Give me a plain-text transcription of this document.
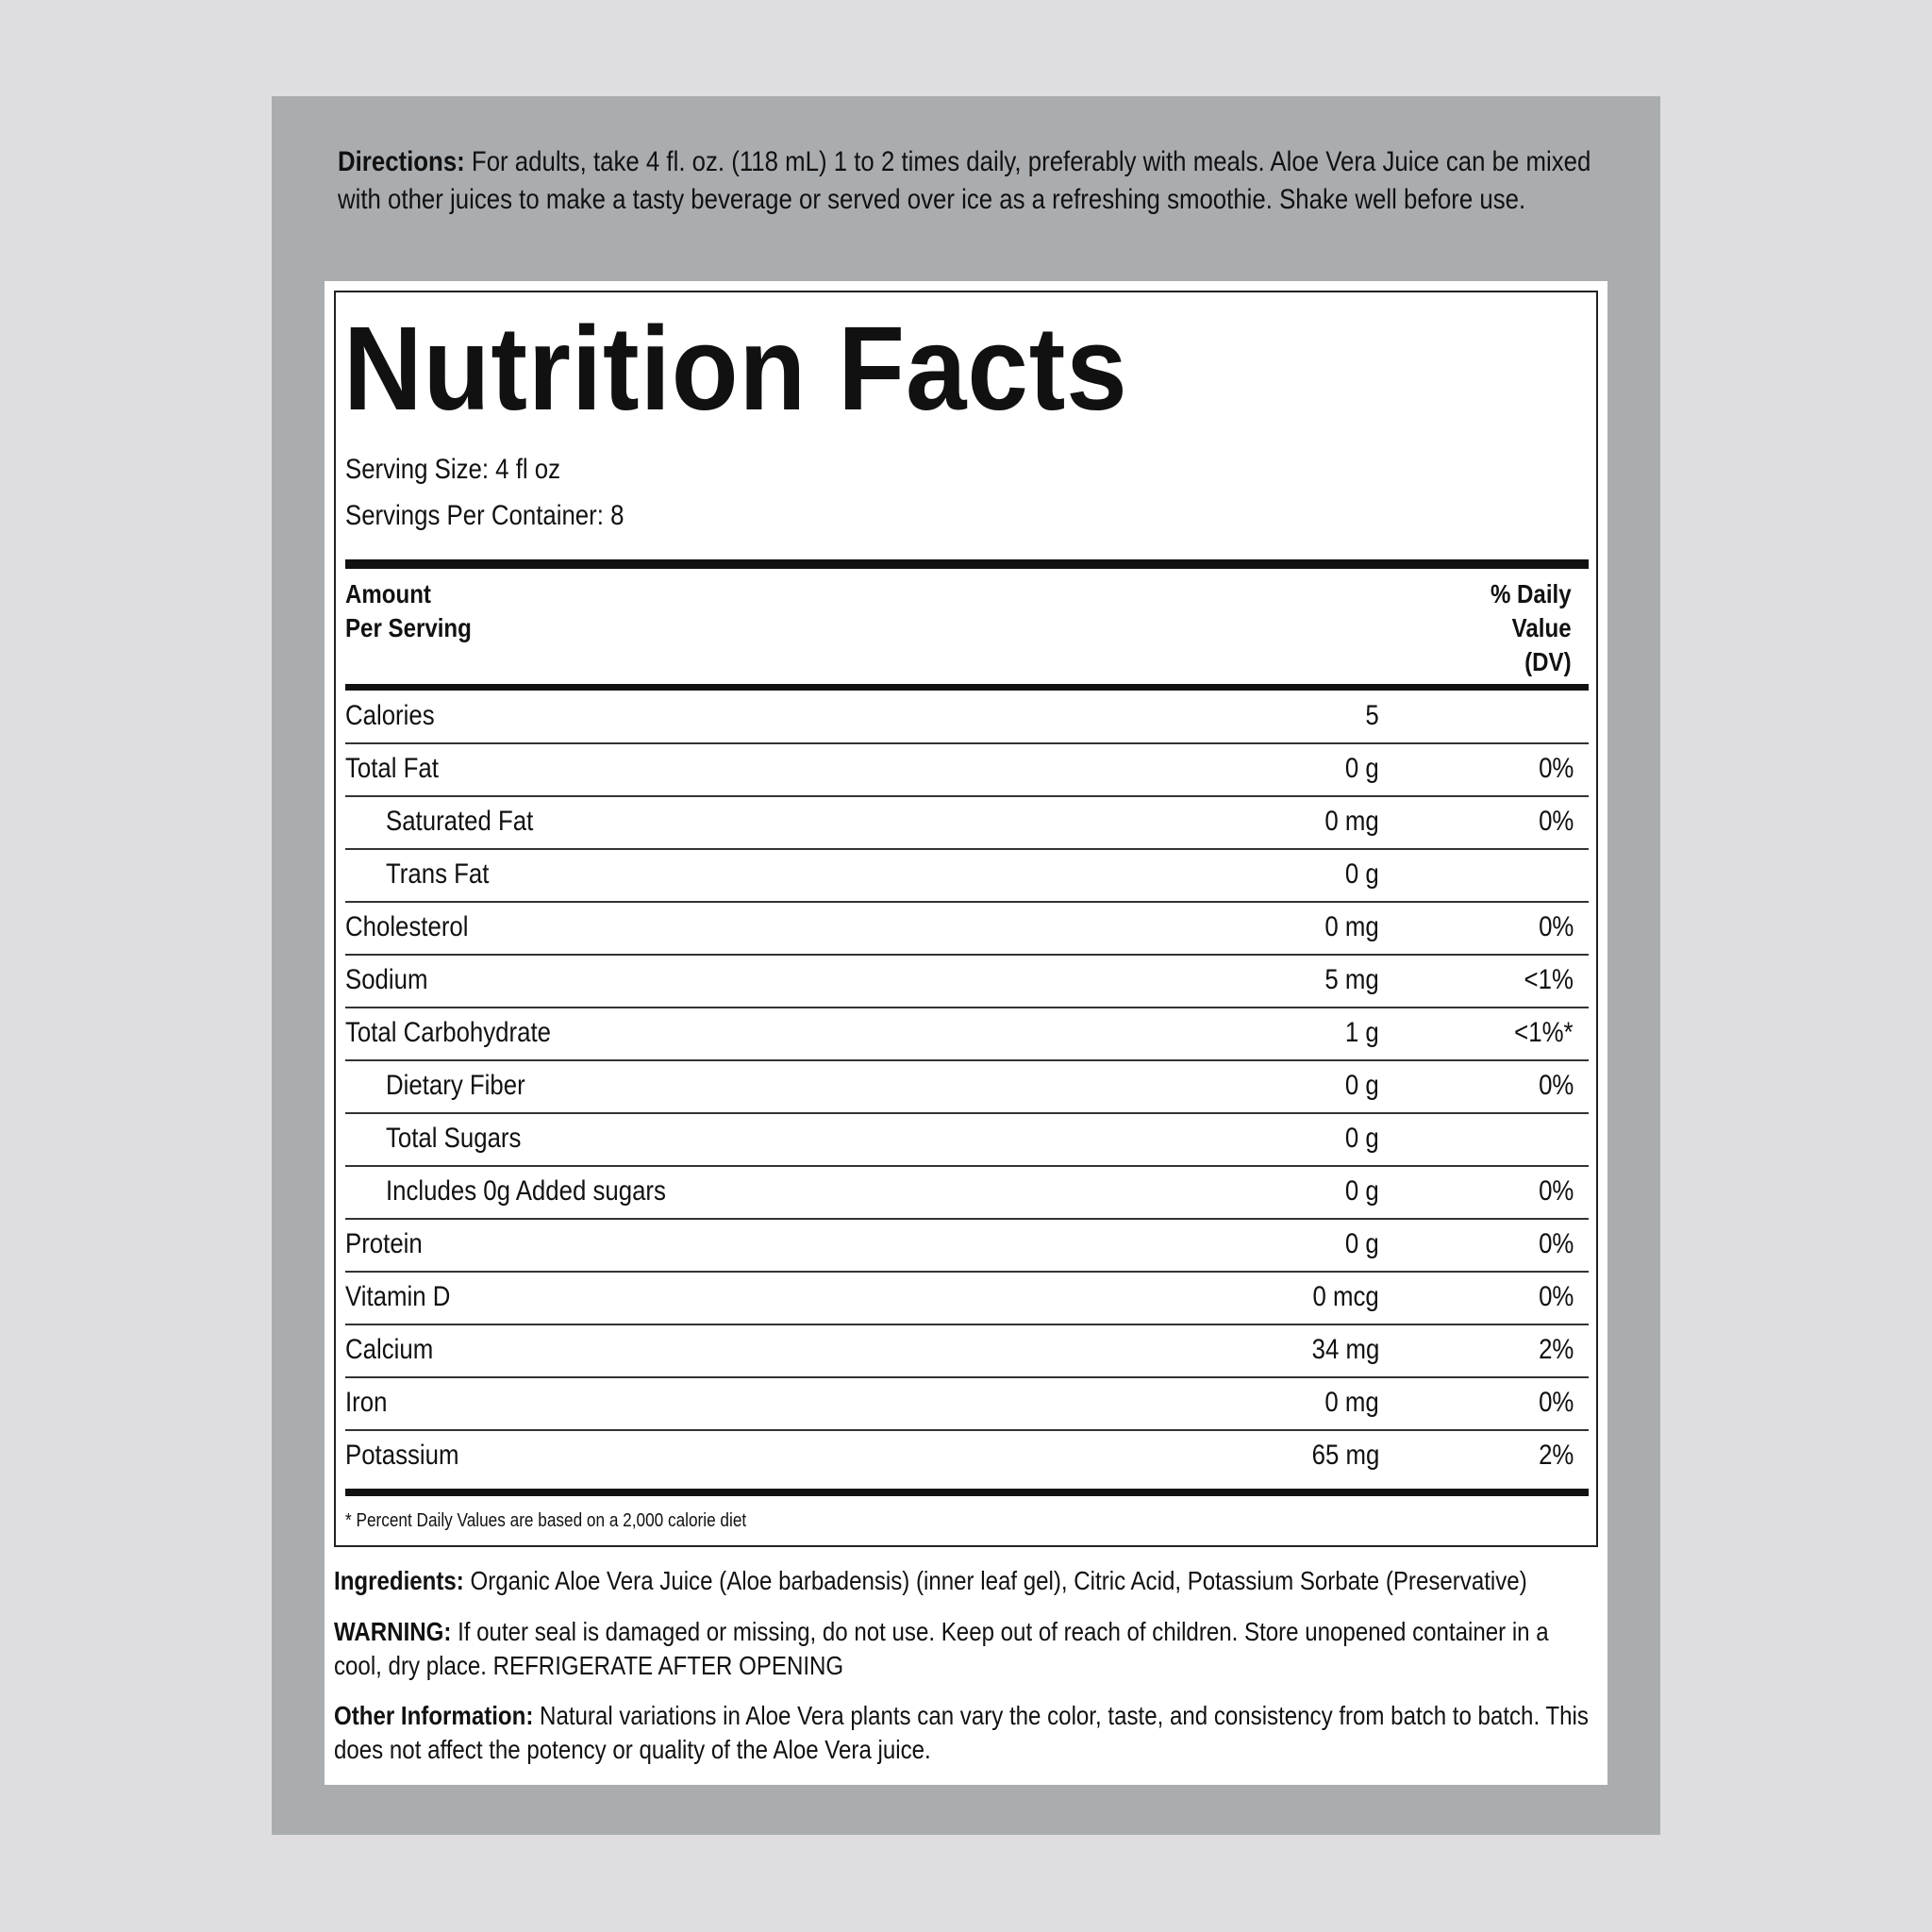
Directions: For adults, take 4 fl. oz. (118 mL) 1 to 2 times daily, preferably with meals. Aloe Vera Juice can be mixed with other juices to make a tasty beverage or served over ice as a refreshing smoothie. Shake well before use.
Nutrition Facts
Serving Size: 4 fl oz
Servings Per Container: 8
Amount
Per Serving
% Daily
Value
(DV)
Calories	5
Total Fat	0 g	0%
Saturated Fat	0 mg	0%
Trans Fat	0 g
Cholesterol	0 mg	0%
Sodium	5 mg	<1%
Total Carbohydrate	1 g	<1%*
Dietary Fiber	0 g	0%
Total Sugars	0 g
Includes 0g Added sugars	0 g	0%
Protein	0 g	0%
Vitamin D	0 mcg	0%
Calcium	34 mg	2%
Iron	0 mg	0%
Potassium	65 mg	2%
* Percent Daily Values are based on a 2,000 calorie diet
Ingredients: Organic Aloe Vera Juice (Aloe barbadensis) (inner leaf gel), Citric Acid, Potassium Sorbate (Preservative)
WARNING: If outer seal is damaged or missing, do not use. Keep out of reach of children. Store unopened container in a cool, dry place. REFRIGERATE AFTER OPENING
Other Information: Natural variations in Aloe Vera plants can vary the color, taste, and consistency from batch to batch. This does not affect the potency or quality of the Aloe Vera juice.
